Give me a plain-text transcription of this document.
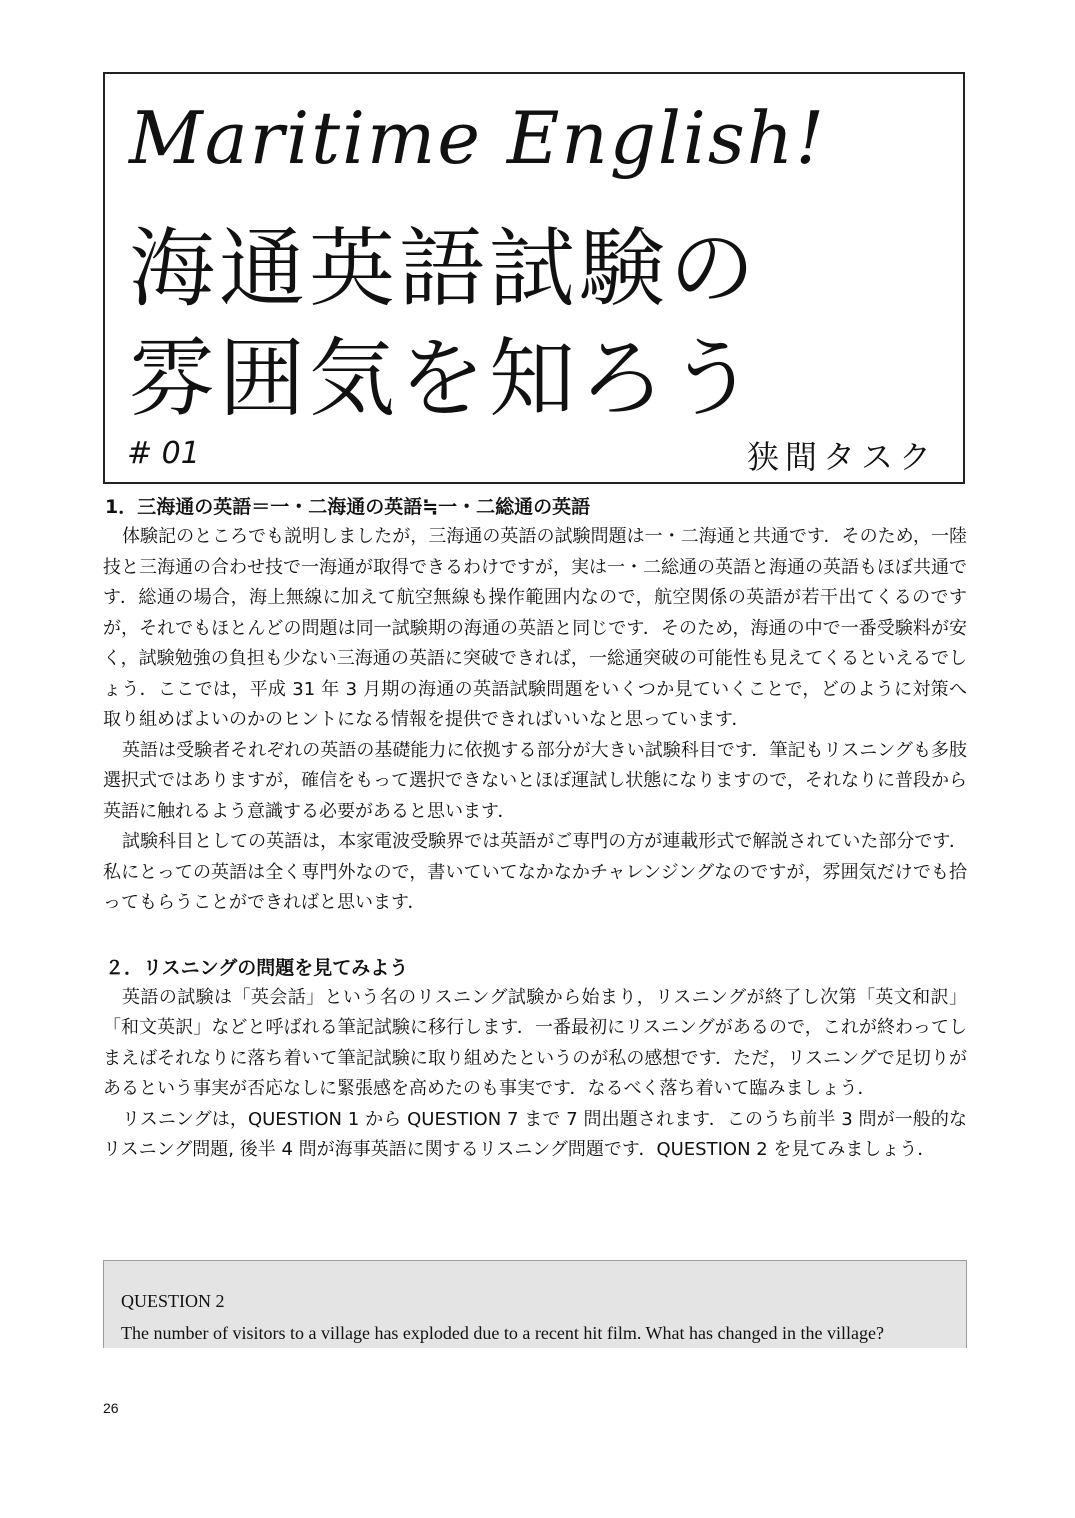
Maritime English!
海通英語試験の
雰囲気を知ろう
# 01	狭間タスク
1．三海通の英語＝一・二海通の英語≒一・二総通の英語

体験記のところでも説明しましたが，三海通の英語の試験問題は一・二海通と共通です．そのため，一陸技と三海通の合わせ技で一海通が取得できるわけですが，実は一・二総通の英語と海通の英語もほぼ共通です．総通の場合，海上無線に加えて航空無線も操作範囲内なので，航空関係の英語が若干出てくるのですが，それでもほとんどの問題は同一試験期の海通の英語と同じです．そのため，海通の中で一番受験料が安く，試験勉強の負担も少ない三海通の英語に突破できれば，一総通突破の可能性も見えてくるといえるでしょう．ここでは，平成 31 年 3 月期の海通の英語試験問題をいくつか見ていくことで，どのように対策へ取り組めばよいのかのヒントになる情報を提供できればいいなと思っています．

英語は受験者それぞれの英語の基礎能力に依拠する部分が大きい試験科目です．筆記もリスニングも多肢選択式ではありますが，確信をもって選択できないとほぼ運試し状態になりますので，それなりに普段から英語に触れるよう意識する必要があると思います．

試験科目としての英語は，本家電波受験界では英語がご専門の方が連載形式で解説されていた部分です．私にとっての英語は全く専門外なので，書いていてなかなかチャレンジングなのですが，雰囲気だけでも拾ってもらうことができればと思います．

２．リスニングの問題を見てみよう

英語の試験は「英会話」という名のリスニング試験から始まり，リスニングが終了し次第「英文和訳」「和文英訳」などと呼ばれる筆記試験に移行します．一番最初にリスニングがあるので，これが終わってしまえばそれなりに落ち着いて筆記試験に取り組めたというのが私の感想です．ただ，リスニングで足切りがあるという事実が否応なしに緊張感を高めたのも事実です．なるべく落ち着いて臨みましょう．

リスニングは，QUESTION 1 から QUESTION 7 まで 7 問出題されます．このうち前半 3 問が一般的なリスニング問題, 後半 4 問が海事英語に関するリスニング問題です．QUESTION 2 を見てみましょう．

QUESTION 2
The number of visitors to a village has exploded due to a recent hit film. What has changed in the village?
26
